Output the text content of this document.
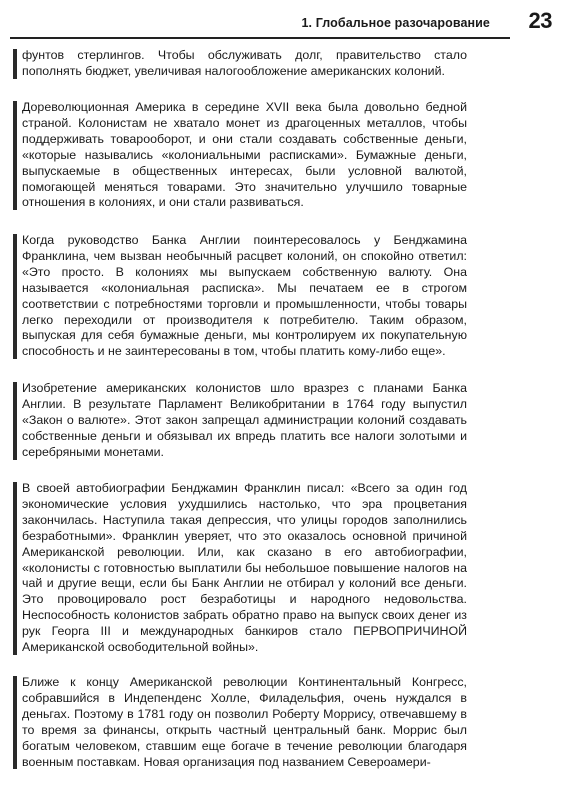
1. Глобальное разочарование 23

фунтов стерлингов. Чтобы обслуживать долг, правительство стало пополнять бюджет, увеличивая налогообложение американских колоний.

Дореволюционная Америка в середине XVII века была довольно бедной страной. Колонистам не хватало монет из драгоценных металлов, чтобы поддерживать товарооборот, и они стали создавать собственные деньги, «которые назывались «колониальными расписками». Бумажные деньги, выпускаемые в общественных интересах, были условной валютой, помогающей меняться товарами. Это значительно улучшило товарные отношения в колониях, и они стали развиваться.

Когда руководство Банка Англии поинтересовалось у Бенджамина Франклина, чем вызван необычный расцвет колоний, он спокойно ответил: «Это просто. В колониях мы выпускаем собственную валюту. Она называется «колониальная расписка». Мы печатаем ее в строгом соответствии с потребностями торговли и промышленности, чтобы товары легко переходили от производителя к потребителю. Таким образом, выпуская для себя бумажные деньги, мы контролируем их покупательную способность и не заинтересованы в том, чтобы платить кому-либо еще».

Изобретение американских колонистов шло вразрез с планами Банка Англии. В результате Парламент Великобритании в 1764 году выпустил «Закон о валюте». Этот закон запрещал администрации колоний создавать собственные деньги и обязывал их впредь платить все налоги золотыми и серебряными монетами.

В своей автобиографии Бенджамин Франклин писал: «Всего за один год экономические условия ухудшились настолько, что эра процветания закончилась. Наступила такая депрессия, что улицы городов заполнились безработными». Франклин уверяет, что это оказалось основной причиной Американской революции. Или, как сказано в его автобиографии, «колонисты с готовностью выплатили бы небольшое повышение налогов на чай и другие вещи, если бы Банк Англии не отбирал у колоний все деньги. Это провоцировало рост безработицы и народного недовольства. Неспособность колонистов забрать обратно право на выпуск своих денег из рук Георга III и международных банкиров стало ПЕРВОПРИЧИНОЙ Американской освободительной войны».

Ближе к концу Американской революции Континентальный Конгресс, собравшийся в Индепенденс Холле, Филадельфия, очень нуждался в деньгах. Поэтому в 1781 году он позволил Роберту Моррису, отвечавшему в то время за финансы, открыть частный центральный банк. Моррис был богатым человеком, ставшим еще богаче в течение революции благодаря военным поставкам. Новая организация под названием Североамери-
